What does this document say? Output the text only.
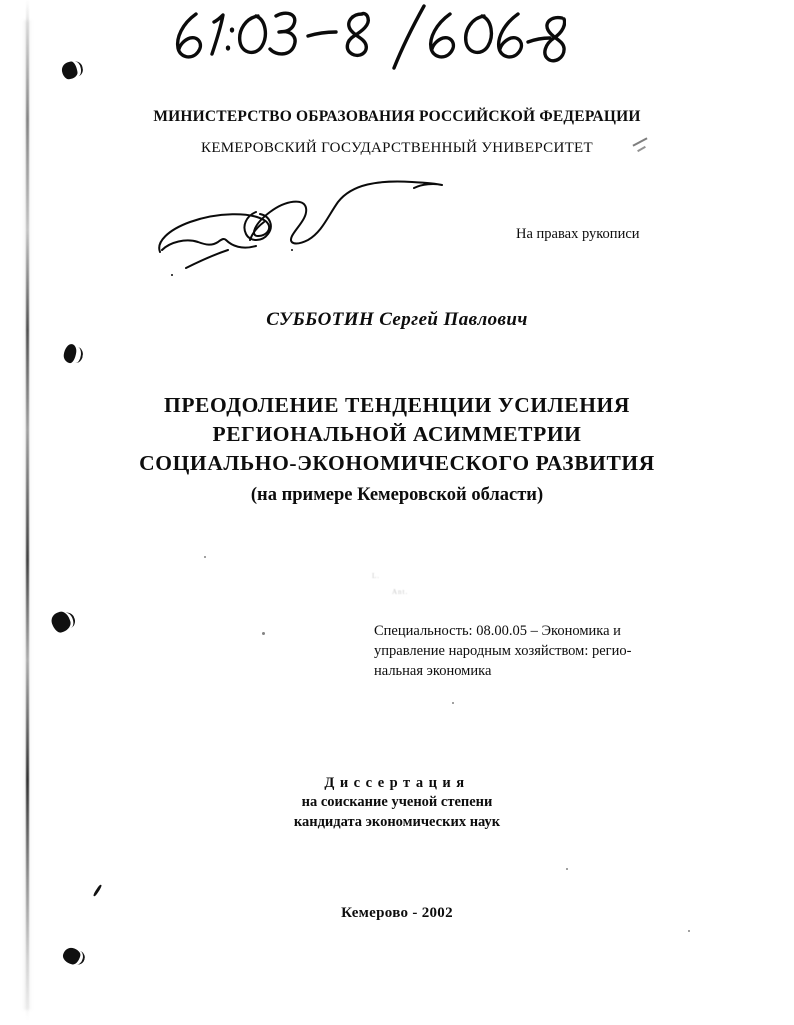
L.
Ant.
МИНИСТЕРСТВО ОБРАЗОВАНИЯ РОССИЙСКОЙ ФЕДЕРАЦИИ
КЕМЕРОВСКИЙ ГОСУДАРСТВЕННЫЙ УНИВЕРСИТЕТ
На правах рукописи
СУББОТИН Сергей Павлович
ПРЕОДОЛЕНИЕ ТЕНДЕНЦИИ УСИЛЕНИЯ
РЕГИОНАЛЬНОЙ АСИММЕТРИИ
СОЦИАЛЬНО-ЭКОНОМИЧЕСКОГО РАЗВИТИЯ
(на примере Кемеровской области)
Специальность: 08.00.05 – Экономика и
управление народным хозяйством: регио-
нальная экономика
Диссертация
на соискание ученой степени
кандидата экономических наук
Кемерово - 2002
